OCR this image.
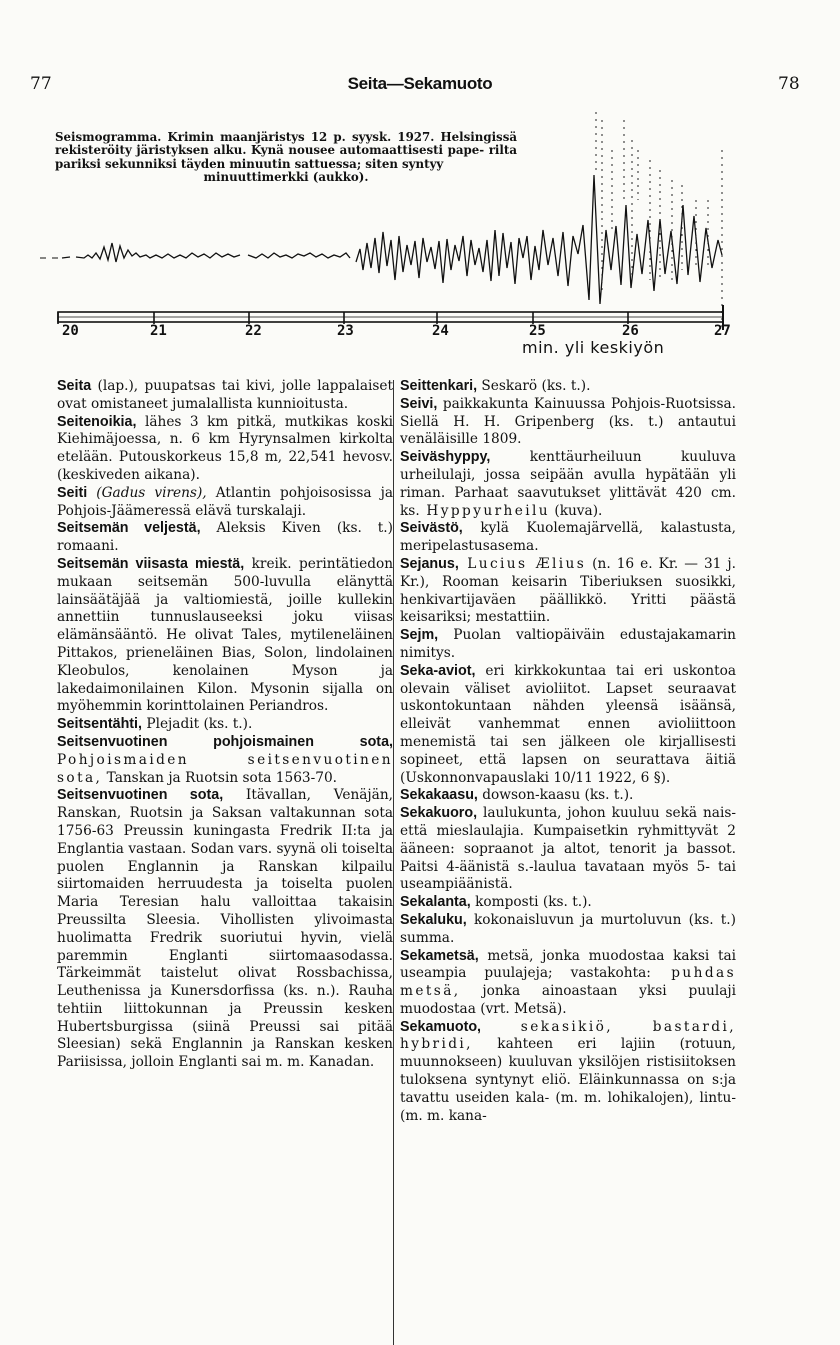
77	Seita—Sekamuoto	78
Seismogramma. Krimin maanjäristys 12 p. syysk. 1927. Helsingissä rekisteröity järistyksen alku. Kynä nousee automaattisesti pape- rilta pariksi sekunniksi täyden minuutin sattuessa; siten syntyy
minuuttimerkki (aukko).
20	21	22	23	24	25	26	27
min. yli keskiyön

Seita (lap.), puupatsas tai kivi, jolle lappalaiset ovat omistaneet jumalallista kunnioitusta.

Seitenoikia, lähes 3 km pitkä, mutkikas koski Kiehimäjoessa, n. 6 km Hyrynsalmen kirkolta etelään. Putouskorkeus 15,8 m, 22,541 hevosv. (keskiveden aikana).

Seiti (Gadus virens), Atlantin pohjoisosissa ja Pohjois-Jäämeressä elävä turskalaji.

Seitsemän veljestä, Aleksis Kiven (ks. t.) romaani.

Seitsemän viisasta miestä, kreik. perintätiedon mukaan seitsemän 500-luvulla elänyttä lainsäätäjää ja valtiomiestä, joille kullekin annettiin tunnuslauseeksi joku viisas elämänsääntö. He olivat Tales, mytileneläinen Pittakos, prieneläinen Bias, Solon, lindolainen Kleobulos, kenolainen Myson ja lakedaimonilainen Kilon. Mysonin sijalla on myöhemmin korinttolainen Periandros.

Seitsentähti, Plejadit (ks. t.).

Seitsenvuotinen pohjoismainen sota, Pohjoismaiden seitsenvuotinen sota, Tanskan ja Ruotsin sota 1563-70.

Seitsenvuotinen sota, Itävallan, Venäjän, Ranskan, Ruotsin ja Saksan valtakunnan sota 1756-63 Preussin kuningasta Fredrik II:ta ja Englantia vastaan. Sodan vars. syynä oli toiselta puolen Englannin ja Ranskan kilpailu siirtomaiden herruudesta ja toiselta puolen Maria Teresian halu valloittaa takaisin Preussilta Sleesia. Vihollisten ylivoimasta huolimatta Fredrik suoriutui hyvin, vielä paremmin Englanti siirtomaasodassa. Tärkeimmät taistelut olivat Rossbachissa, Leuthenissa ja Kunersdorfissa (ks. n.). Rauha tehtiin liittokunnan ja Preussin kesken Hubertsburgissa (siinä Preussi sai pitää Sleesian) sekä Englannin ja Ranskan kesken Pariisissa, jolloin Englanti sai m. m. Kanadan.

Seittenkari, Seskarö (ks. t.).

Seivi, paikkakunta Kainuussa Pohjois-Ruotsissa. Siellä H. H. Gripenberg (ks. t.) antautui venäläisille 1809.

Seiväshyppy, kenttäurheiluun kuuluva urheilulaji, jossa seipään avulla hypätään yli riman. Parhaat saavutukset ylittävät 420 cm. ks. Hyppyurheilu (kuva).

Seivästö, kylä Kuolemajärvellä, kalastusta, meripelastusasema.

Sejanus, Lucius Ælius (n. 16 e. Kr. — 31 j. Kr.), Rooman keisarin Tiberiuksen suosikki, henkivartijaväen päällikkö. Yritti päästä keisariksi; mestattiin.

Sejm, Puolan valtiopäiväin edustajakamarin nimitys.

Seka-aviot, eri kirkkokuntaa tai eri uskontoa olevain väliset avioliitot. Lapset seuraavat uskontokuntaan nähden yleensä isäänsä, elleivät vanhemmat ennen avioliittoon menemistä tai sen jälkeen ole kirjallisesti sopineet, että lapsen on seurattava äitiä (Uskonnonvapauslaki 10/11 1922, 6 §).

Sekakaasu, dowson-kaasu (ks. t.).

Sekakuoro, laulukunta, johon kuuluu sekä nais- että mieslaulajia. Kumpaisetkin ryhmittyvät 2 ääneen: sopraanot ja altot, tenorit ja bassot. Paitsi 4-äänistä s.-laulua tavataan myös 5- tai useampiäänistä.

Sekalanta, komposti (ks. t.).

Sekaluku, kokonaisluvun ja murtoluvun (ks. t.) summa.

Sekametsä, metsä, jonka muodostaa kaksi tai useampia puulajeja; vastakohta: puhdas metsä, jonka ainoastaan yksi puulaji muodostaa (vrt. Metsä).

Sekamuoto, sekasikiö, bastardi, hybridi, kahteen eri lajiin (rotuun, muunnokseen) kuuluvan yksilöjen ristisiitoksen tuloksena syntynyt eliö. Eläinkunnassa on s:ja tavattu useiden kala- (m. m. lohikalojen), lintu- (m. m. kana-
